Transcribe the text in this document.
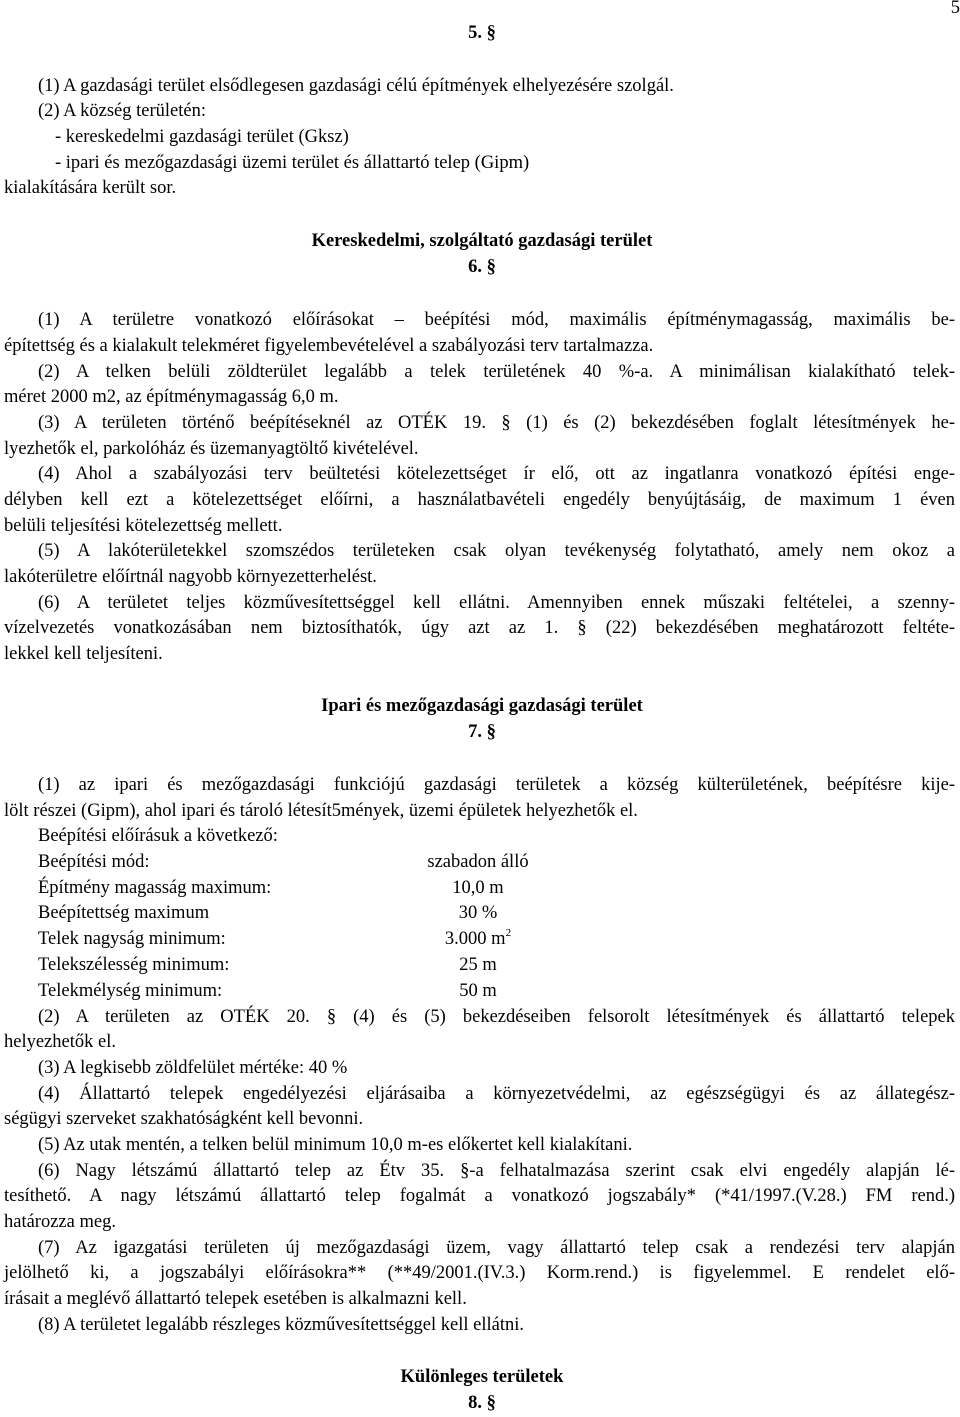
5
5. §
(1) A gazdasági terület elsődlegesen gazdasági célú építmények elhelyezésére szolgál.
(2) A község területén:
- kereskedelmi gazdasági terület (Gksz)
- ipari és mezőgazdasági üzemi terület és állattartó telep (Gipm)
kialakítására került sor.
Kereskedelmi, szolgáltató gazdasági terület
6. §
(1) A területre vonatkozó előírásokat – beépítési mód, maximális építménymagasság, maximális be-
építettség és a kialakult telekméret figyelembevételével a szabályozási terv tartalmazza.
(2) A telken belüli zöldterület legalább a telek területének 40 %-a. A minimálisan kialakítható telek-
méret 2000 m2, az építménymagasság 6,0 m.
(3) A területen történő beépítéseknél az OTÉK 19. § (1) és (2) bekezdésében foglalt létesítmények he-
lyezhetők el, parkolóház és üzemanyagtöltő kivételével.
(4) Ahol a szabályozási terv beültetési kötelezettséget ír elő, ott az ingatlanra vonatkozó építési enge-
délyben kell ezt a kötelezettséget előírni, a használatbavételi engedély benyújtásáig, de maximum 1 éven
belüli teljesítési kötelezettség mellett.
(5) A lakóterületekkel szomszédos területeken csak olyan tevékenység folytatható, amely nem okoz a
lakóterületre előírtnál nagyobb környezetterhelést.
(6) A területet teljes közművesítettséggel kell ellátni. Amennyiben ennek műszaki feltételei, a szenny-
vízelvezetés vonatkozásában nem biztosíthatók, úgy azt az 1. § (22) bekezdésében meghatározott feltéte-
lekkel kell teljesíteni.
Ipari és mezőgazdasági gazdasági terület
7. §
(1) az ipari és mezőgazdasági funkciójú gazdasági területek a község külterületének, beépítésre kije-
lölt részei (Gipm), ahol ipari és tároló létesít5mények, üzemi épületek helyezhetők el.
Beépítési előírásuk a következő:
Beépítési mód:	szabadon álló
Építmény magasság maximum:	10,0 m
Beépítettség maximum	30 %
Telek nagyság minimum:	3.000 $m^2$
Telekszélesség minimum:	25 m
Telekmélység minimum:	50 m
(2) A területen az OTÉK 20. § (4) és (5) bekezdéseiben felsorolt létesítmények és állattartó telepek
helyezhetők el.
(3) A legkisebb zöldfelület mértéke: 40 %
(4) Állattartó telepek engedélyezési eljárásaiba a környezetvédelmi, az egészségügyi és az állategész-
ségügyi szerveket szakhatóságként kell bevonni.
(5) Az utak mentén, a telken belül minimum 10,0 m-es előkertet kell kialakítani.
(6) Nagy létszámú állattartó telep az Étv 35. §-a felhatalmazása szerint csak elvi engedély alapján lé-
tesíthető. A nagy létszámú állattartó telep fogalmát a vonatkozó jogszabály* (*41/1997.(V.28.) FM rend.)
határozza meg.
(7) Az igazgatási területen új mezőgazdasági üzem, vagy állattartó telep csak a rendezési terv alapján
jelölhető ki, a jogszabályi előírásokra** (**49/2001.(IV.3.) Korm.rend.) is figyelemmel. E rendelet elő-
írásait a meglévő állattartó telepek esetében is alkalmazni kell.
(8) A területet legalább részleges közművesítettséggel kell ellátni.
Különleges területek
8. §
